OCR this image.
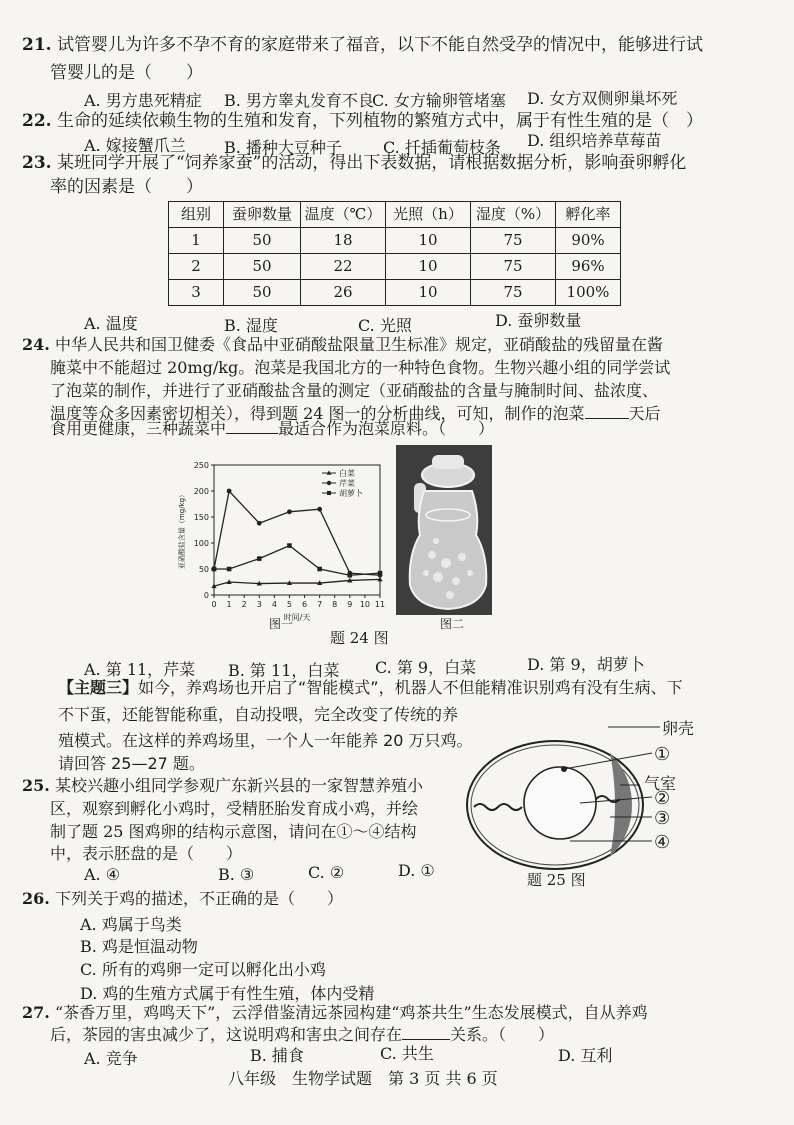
21. 试管婴儿为许多不孕不育的家庭带来了福音，以下不能自然受孕的情况中，能够进行试
管婴儿的是（　　）
A. 男方患死精症 B. 男方睾丸发育不良
C. 女方输卵管堵塞 D. 女方双侧卵巢坏死
22. 生命的延续依赖生物的生殖和发育，下列植物的繁殖方式中，属于有性生殖的是（　）
A. 嫁接蟹爪兰 B. 播种大豆种子	C. 扦插葡萄枝条 D. 组织培养草莓苗
23. 某班同学开展了“饲养家蚕”的活动，得出下表数据，请根据数据分析，影响蚕卵孵化
率的因素是（　　）
组别	蚕卵数量	温度（℃）	光照（h）	湿度（%）	孵化率
1	50	18	10	75	90%
2	50	22	10	75	96%
3	50	26	10	75	100%
A. 温度	B. 湿度	C. 光照	D. 蚕卵数量
24. 中华人民共和国卫健委《食品中亚硝酸盐限量卫生标准》规定，亚硝酸盐的残留量在酱
腌菜中不能超过 20mg/kg。泡菜是我国北方的一种特色食物。生物兴趣小组的同学尝试
了泡菜的制作，并进行了亚硝酸盐含量的测定（亚硝酸盐的含量与腌制时间、盐浓度、
温度等众多因素密切相关），得到题 24 图一的分析曲线，可知，制作的泡菜	天后
食用更健康，三种蔬菜中	最适合作为泡菜原料。（　　）
0
50
100
150
200
250
0 1 2 3 4 5 6 7 8 9 10 11
时间/天
亚硝酸盐含量（mg/kg）
白菜
芹菜
胡萝卜
图一	图二
题 24 图
A. 第 11，芹菜 B. 第 11，白菜 C. 第 9，白菜	D. 第 9，胡萝卜
【主题三】如今，养鸡场也开启了“智能模式”，机器人不但能精准识别鸡有没有生病、下
不下蛋，还能智能称重，自动投喂，完全改变了传统的养
殖模式。在这样的养鸡场里，一个人一年能养 20 万只鸡。
请回答 25—27 题。
25. 某校兴趣小组同学参观广东新兴县的一家智慧养殖小
区，观察到孵化小鸡时，受精胚胎发育成小鸡，并绘
制了题 25 图鸡卵的结构示意图，请问在①～④结构
中，表示胚盘的是（　　）
A. ④	B. ③	C. ②	D. ①
卵壳
①
气室
②
③
④
题 25 图
26. 下列关于鸡的描述，不正确的是（　　）
A. 鸡属于鸟类
B. 鸡是恒温动物
C. 所有的鸡卵一定可以孵化出小鸡
D. 鸡的生殖方式属于有性生殖，体内受精
27. “茶香万里，鸡鸣天下”，云浮借鉴清远茶园构建“鸡茶共生”生态发展模式，自从养鸡
后，茶园的害虫减少了，这说明鸡和害虫之间存在	关系。（　　）
A. 竞争	B. 捕食	C. 共生	D. 互利
八年级　生物学试题　第 3 页 共 6 页
